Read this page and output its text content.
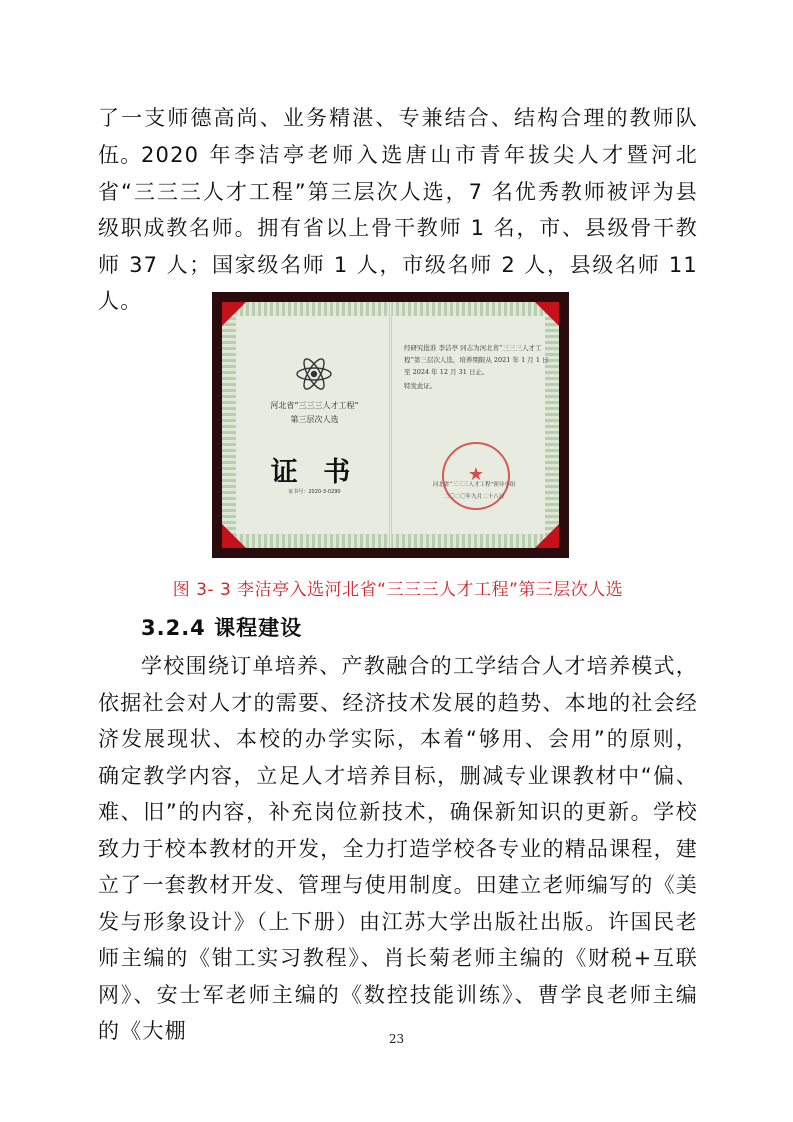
了一支师德高尚、业务精湛、专兼结合、结构合理的教师队伍。

2020 年李洁亭老师入选唐山市青年拔尖人才暨河北省“三三三人才工程”第三层次人选，7 名优秀教师被评为县级职成教名师。拥有省以上骨干教师 1 名，市、县级骨干教师 37 人；国家级名师 1 人，市级名师 2 人，县级名师 11 人。

河北省“三三三人才工程”
第三层次人选
证 书
证书号：2020-3-0290
经研究批准 李洁亭 同志为河北省“三三三人才工程”第三层次人选，培养期限从 2021 年 1 月 1 日至 2024 年 12 月 31 日止。
特发此证。
★
河北省“三三三人才工程”领导小组
二〇二〇年九月二十八日
图 3- 3 李洁亭入选河北省“三三三人才工程”第三层次人选
3.2.4 课程建设

学校围绕订单培养、产教融合的工学结合人才培养模式，依据社会对人才的需要、经济技术发展的趋势、本地的社会经济发展现状、本校的办学实际，本着“够用、会用”的原则，确定教学内容，立足人才培养目标，删减专业课教材中“偏、难、旧”的内容，补充岗位新技术，确保新知识的更新。学校致力于校本教材的开发，全力打造学校各专业的精品课程，建立了一套教材开发、管理与使用制度。田建立老师编写的《美发与形象设计》（上下册）由江苏大学出版社出版。许国民老师主编的《钳工实习教程》、肖长菊老师主编的《财税+互联网》、安士军老师主编的《数控技能训练》、曹学良老师主编的《大棚	23
